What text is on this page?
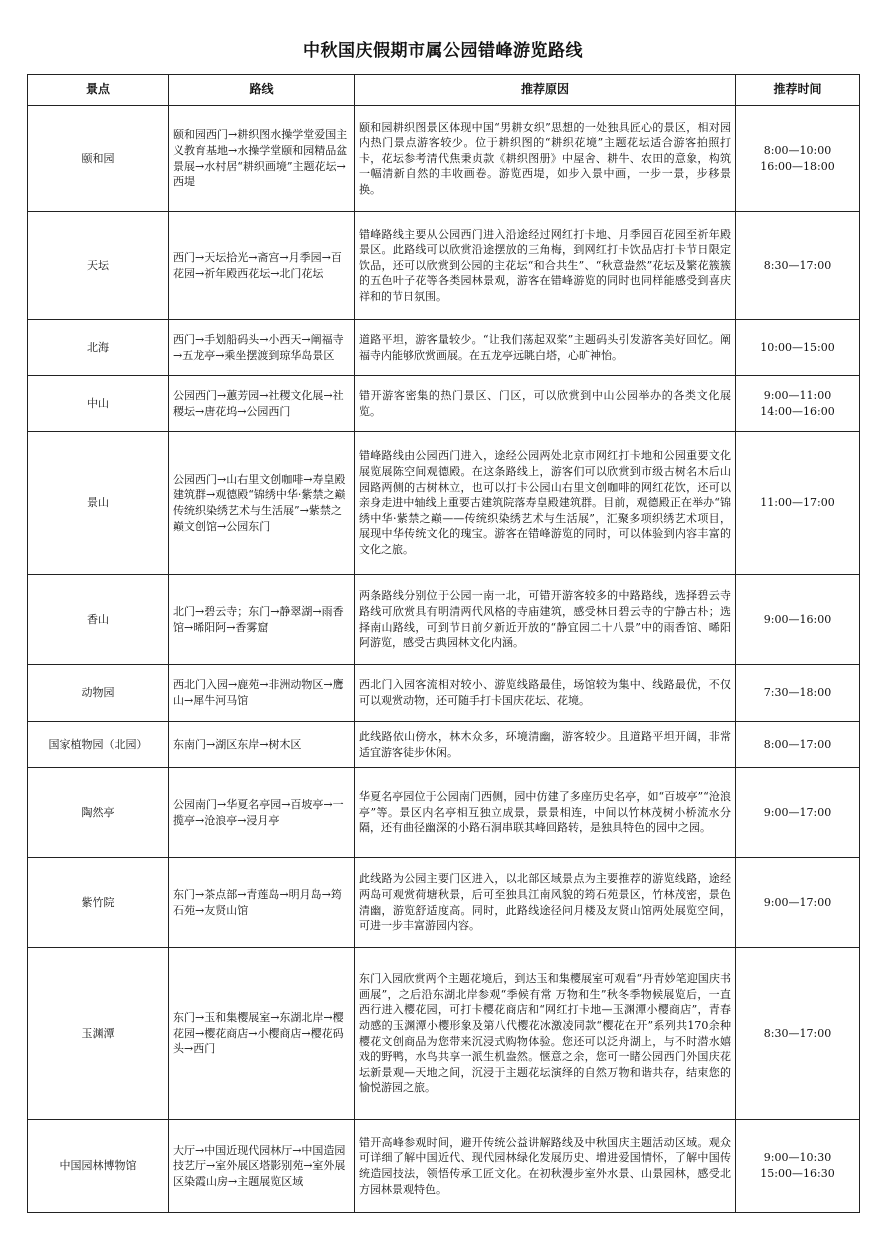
中秋国庆假期市属公园错峰游览路线
景点	路线	推荐原因	推荐时间
颐和园	颐和园西门→耕织图水操学堂爱国主义教育基地→水操学堂颐和园精品盆景展→水村居“耕织画境”主题花坛→西堤	颐和园耕织图景区体现中国“男耕女织”思想的一处独具匠心的景区，相对园内热门景点游客较少。位于耕织图的“耕织花境”主题花坛适合游客拍照打卡，花坛参考清代焦秉贞款《耕织图册》中屋舍、耕牛、农田的意象，构筑一幅清新自然的丰收画卷。游览西堤，如步入景中画，一步一景，步移景换。	8:00—10:00
16:00—18:00

天坛	西门→天坛拾光→斋宫→月季园→百花园→祈年殿西花坛→北门花坛	错峰路线主要从公园西门进入沿途经过网红打卡地、月季园百花园至祈年殿景区。此路线可以欣赏沿途摆放的三角梅，到网红打卡饮品店打卡节日限定饮品，还可以欣赏到公园的主花坛“和合共生”、“秋意盎然”花坛及繁花簇簇的五色叶子花等各类园林景观，游客在错峰游览的同时也同样能感受到喜庆祥和的节日氛围。	8:30—17:00

北海	西门→手划船码头→小西天→阐福寺→五龙亭→乘坐摆渡到琼华岛景区	道路平坦，游客量较少。“让我们荡起双桨”主题码头引发游客美好回忆。阐福寺内能够欣赏画展。在五龙亭远眺白塔，心旷神怡。	10:00—15:00

中山	公园西门→蕙芳园→社稷文化展→社稷坛→唐花坞→公园西门	错开游客密集的热门景区、门区，可以欣赏到中山公园举办的各类文化展览。	9:00—11:00
14:00—16:00

景山	公园西门→山右里文创咖啡→寿皇殿建筑群→观德殿“锦绣中华·紫禁之巅 传统织染绣艺术与生活展”→紫禁之巅文创馆→公园东门	错峰路线由公园西门进入，途经公园两处北京市网红打卡地和公园重要文化展览展陈空间观德殿。在这条路线上，游客们可以欣赏到市级古树名木后山园路两侧的古树林立，也可以打卡公园山右里文创咖啡的网红花饮，还可以亲身走进中轴线上重要古建筑院落寿皇殿建筑群。目前，观德殿正在举办“锦绣中华·紫禁之巅——传统织染绣艺术与生活展”，汇聚多项织绣艺术项目，展现中华传统文化的瑰宝。游客在错峰游览的同时，可以体验到内容丰富的文化之旅。	11:00—17:00

香山	北门→碧云寺；东门→静翠湖→雨香馆→晞阳阿→香雾窟	两条路线分别位于公园一南一北，可错开游客较多的中路路线，选择碧云寺路线可欣赏具有明清两代风格的寺庙建筑，感受林日碧云寺的宁静古朴；选择南山路线，可到节日前夕新近开放的“静宜园二十八景”中的雨香馆、晞阳阿游览，感受古典园林文化内涵。	9:00—16:00

动物园	西北门入园→鹿苑→非洲动物区→鹰山→犀牛河马馆	西北门入园客流相对较小、游览线路最佳，场馆较为集中、线路最优，不仅可以观赏动物，还可随手打卡国庆花坛、花境。	7:30—18:00

国家植物园（北园）	东南门→湖区东岸→树木区	此线路依山傍水，林木众多，环境清幽，游客较少。且道路平坦开阔，非常适宜游客徒步休闲。	8:00—17:00

陶然亭	公园南门→华夏名亭园→百坡亭→一揽亭→沧浪亭→浸月亭	华夏名亭园位于公园南门西侧，园中仿建了多座历史名亭，如“百坡亭”“沧浪亭”等。景区内名亭相互独立成景，景景相连，中间以竹林茂树小桥流水分隔，还有曲径幽深的小路石洞串联其峰回路转，是独具特色的园中之园。	9:00—17:00

紫竹院	东门→茶点部→青莲岛→明月岛→筠石苑→友贤山馆	此线路为公园主要门区进入，以北部区域景点为主要推荐的游览线路，途经两岛可观赏荷塘秋景，后可至独具江南风貌的筠石苑景区，竹林茂密，景色清幽，游览舒适度高。同时，此路线途径问月楼及友贤山馆两处展览空间，可进一步丰富游园内容。	9:00—17:00

玉渊潭	东门→玉和集樱展室→东湖北岸→樱花园→樱花商店→小樱商店→樱花码头→西门	东门入园欣赏两个主题花境后，到达玉和集樱展室可观看“丹青妙笔迎国庆书画展”，之后沿东湖北岸参观“季候有常 万物和生”秋冬季物候展览后，一直西行进入樱花园，可打卡樱花商店和“网红打卡地—玉渊潭小樱商店”，青春动感的玉渊潭小樱形象及第八代樱花冰激凌同款“樱花在开”系列共170余种樱花文创商品为您带来沉浸式购物体验。您还可以泛舟湖上，与不时潜水嬉戏的野鸭，水鸟共享一派生机盎然。惬意之余，您可一睹公园西门外国庆花坛新景观—天地之间，沉浸于主题花坛演绎的自然万物和谐共存，结束您的愉悦游园之旅。	8:30—17:00

中国园林博物馆	大厅→中国近现代园林厅→中国造园技艺厅→室外展区塔影别苑→室外展区染霞山房→主题展览区域	错开高峰参观时间，避开传统公益讲解路线及中秋国庆主题活动区域。观众可详细了解中国近代、现代园林绿化发展历史、增进爱国情怀，了解中国传统造园技法，领悟传承工匠文化。在初秋漫步室外水景、山景园林，感受北方园林景观特色。	9:00—10:30
15:00—16:30
